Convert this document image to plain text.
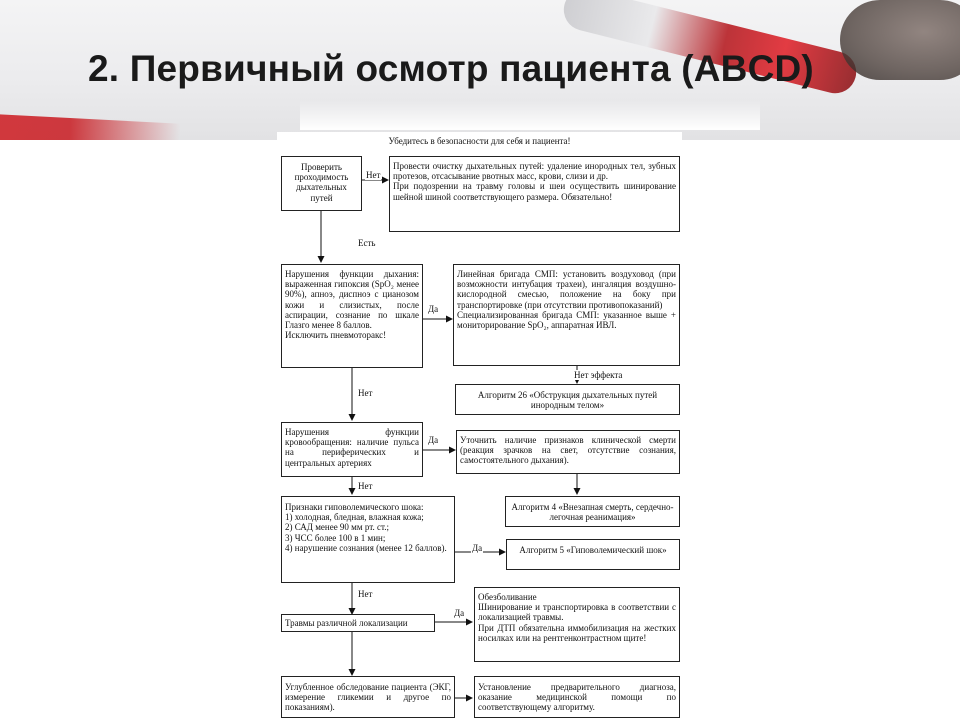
2. Первичный осмотр пациента (ABCD)
Убедитесь в безопасности для себя и пациента!
Проверить проходимость дыхательных путей
Нет

Провести очистку дыхательных путей: удаление инородных тел, зубных протезов, отсасывание рвотных масс, крови, слизи и др.

При подозрении на травму головы и шеи осуществить шинирование шейной шиной соответствующего размера. Обязательно!

Есть

Нарушения функции дыхания: выраженная гипоксия (SpO₂ менее 90%), апноэ, диспноэ с цианозом кожи и слизистых, после аспирации, сознание по шкале Глазго менее 8 баллов.

Исключить пневмоторакс!

Да

Линейная бригада СМП: установить воздуховод (при возможности интубация трахеи), ингаляция воздушно-кислородной смесью, положение на боку при транспортировке (при отсутствии противопоказаний)

Специализированная бригада СМП: указанное выше + мониторирование SpO₂, аппаратная ИВЛ.

Нет эффекта
Алгоритм 26 «Обструкция дыхательных путей инородным телом»
Нет
Нарушения функции кровообращения: наличие пульса на периферических и центральных артериях
Да	Уточнить наличие признаков клинической смерти (реакция зрачков на свет, отсутствие сознания, самостоятельного дыхания).
Нет

Признаки гиповолемического шока:

1) холодная, бледная, влажная кожа;

2) САД менее 90 мм рт. ст.;

3) ЧСС более 100 в 1 мин;

4) нарушение сознания (менее 12 баллов).

Алгоритм 4 «Внезапная смерть, сердечно-легочная реанимация»
Да	Алгоритм 5 «Гиповолемический шок»
Нет
Травмы различной локализации
Да

Обезболивание

Шинирование и транспортировка в соответствии с локализацией травмы.

При ДТП обязательна иммобилизация на жестких носилках или на рентгенконтрастном щите!

Углубленное обследование пациента (ЭКГ, измерение гликемии и другое по показаниям).
Установление предварительного диагноза, оказание медицинской помощи по соответствующему алгоритму.
